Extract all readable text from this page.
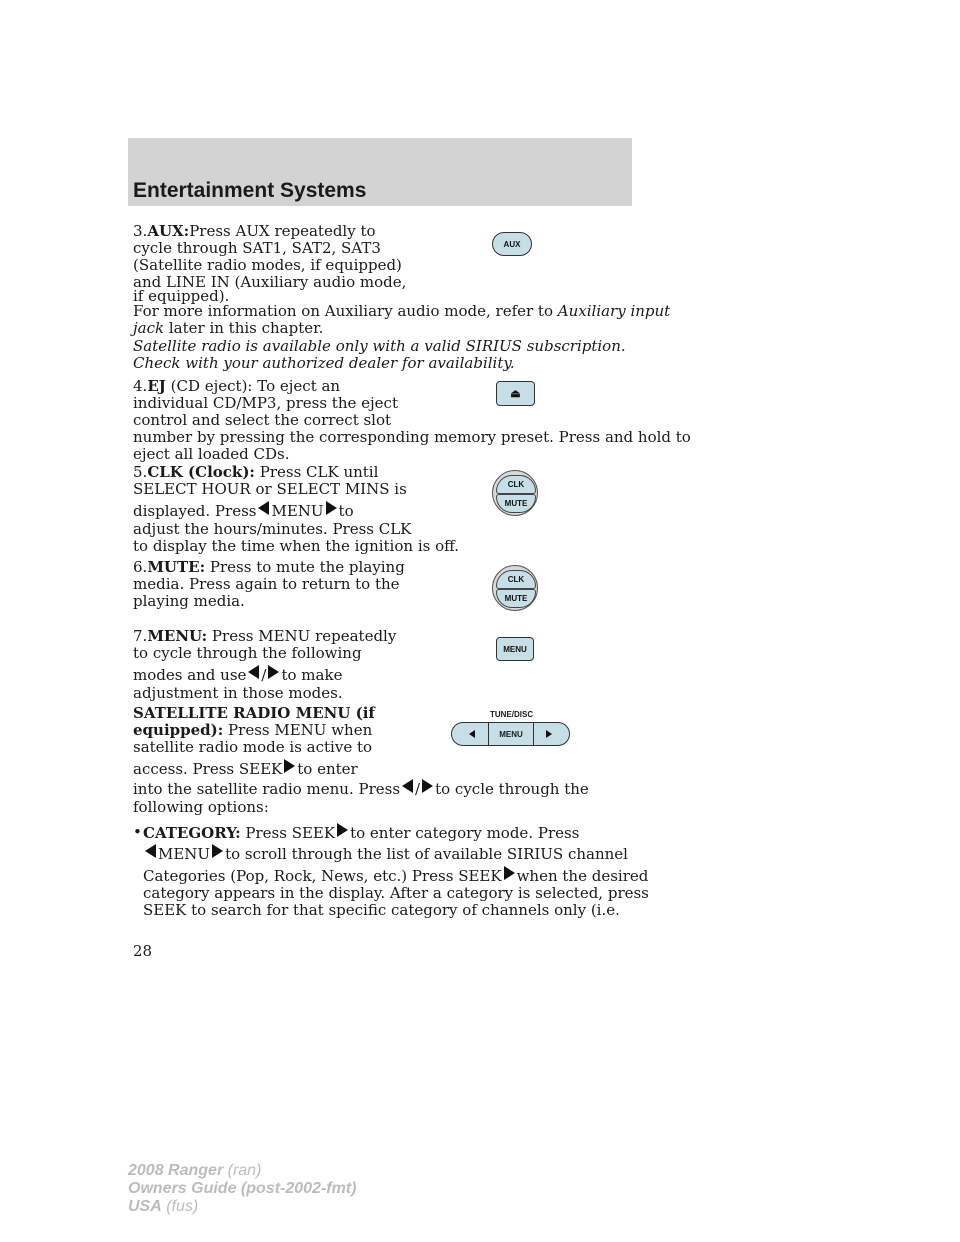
Entertainment Systems

3.AUX:Press AUX repeatedly to

cycle through SAT1, SAT2, SAT3

(Satellite radio modes, if equipped)

and LINE IN (Auxiliary audio mode,

if equipped).

For more information on Auxiliary audio mode, refer to Auxiliary input

jack later in this chapter.

Satellite radio is available only with a valid SIRIUS subscription.

Check with your authorized dealer for availability.

AUX

4.EJ (CD eject): To eject an

individual CD/MP3, press the eject

control and select the correct slot

number by pressing the corresponding memory preset. Press and hold to

eject all loaded CDs.

⏏

5.CLK (Clock): Press CLK until

SELECT HOUR or SELECT MINS is

displayed. Press MENU to

adjust the hours/minutes. Press CLK

to display the time when the ignition is off.

CLK
MUTE

6.MUTE: Press to mute the playing

media. Press again to return to the

playing media.

CLK
MUTE

7.MENU: Press MENU repeatedly

to cycle through the following

modes and use / to make

adjustment in those modes.

MENU

SATELLITE RADIO MENU (if

equipped): Press MENU when

satellite radio mode is active to

access. Press SEEK to enter

into the satellite radio menu. Press / to cycle through the

following options:

TUNE/DISC
MENU
• CATEGORY: Press SEEK to enter category mode. Press

MENU to scroll through the list of available SIRIUS channel

Categories (Pop, Rock, News, etc.) Press SEEK when the desired

category appears in the display. After a category is selected, press

SEEK to search for that specific category of channels only (i.e.

28
2008 Ranger (ran)
Owners Guide (post-2002-fmt)
USA (fus)
